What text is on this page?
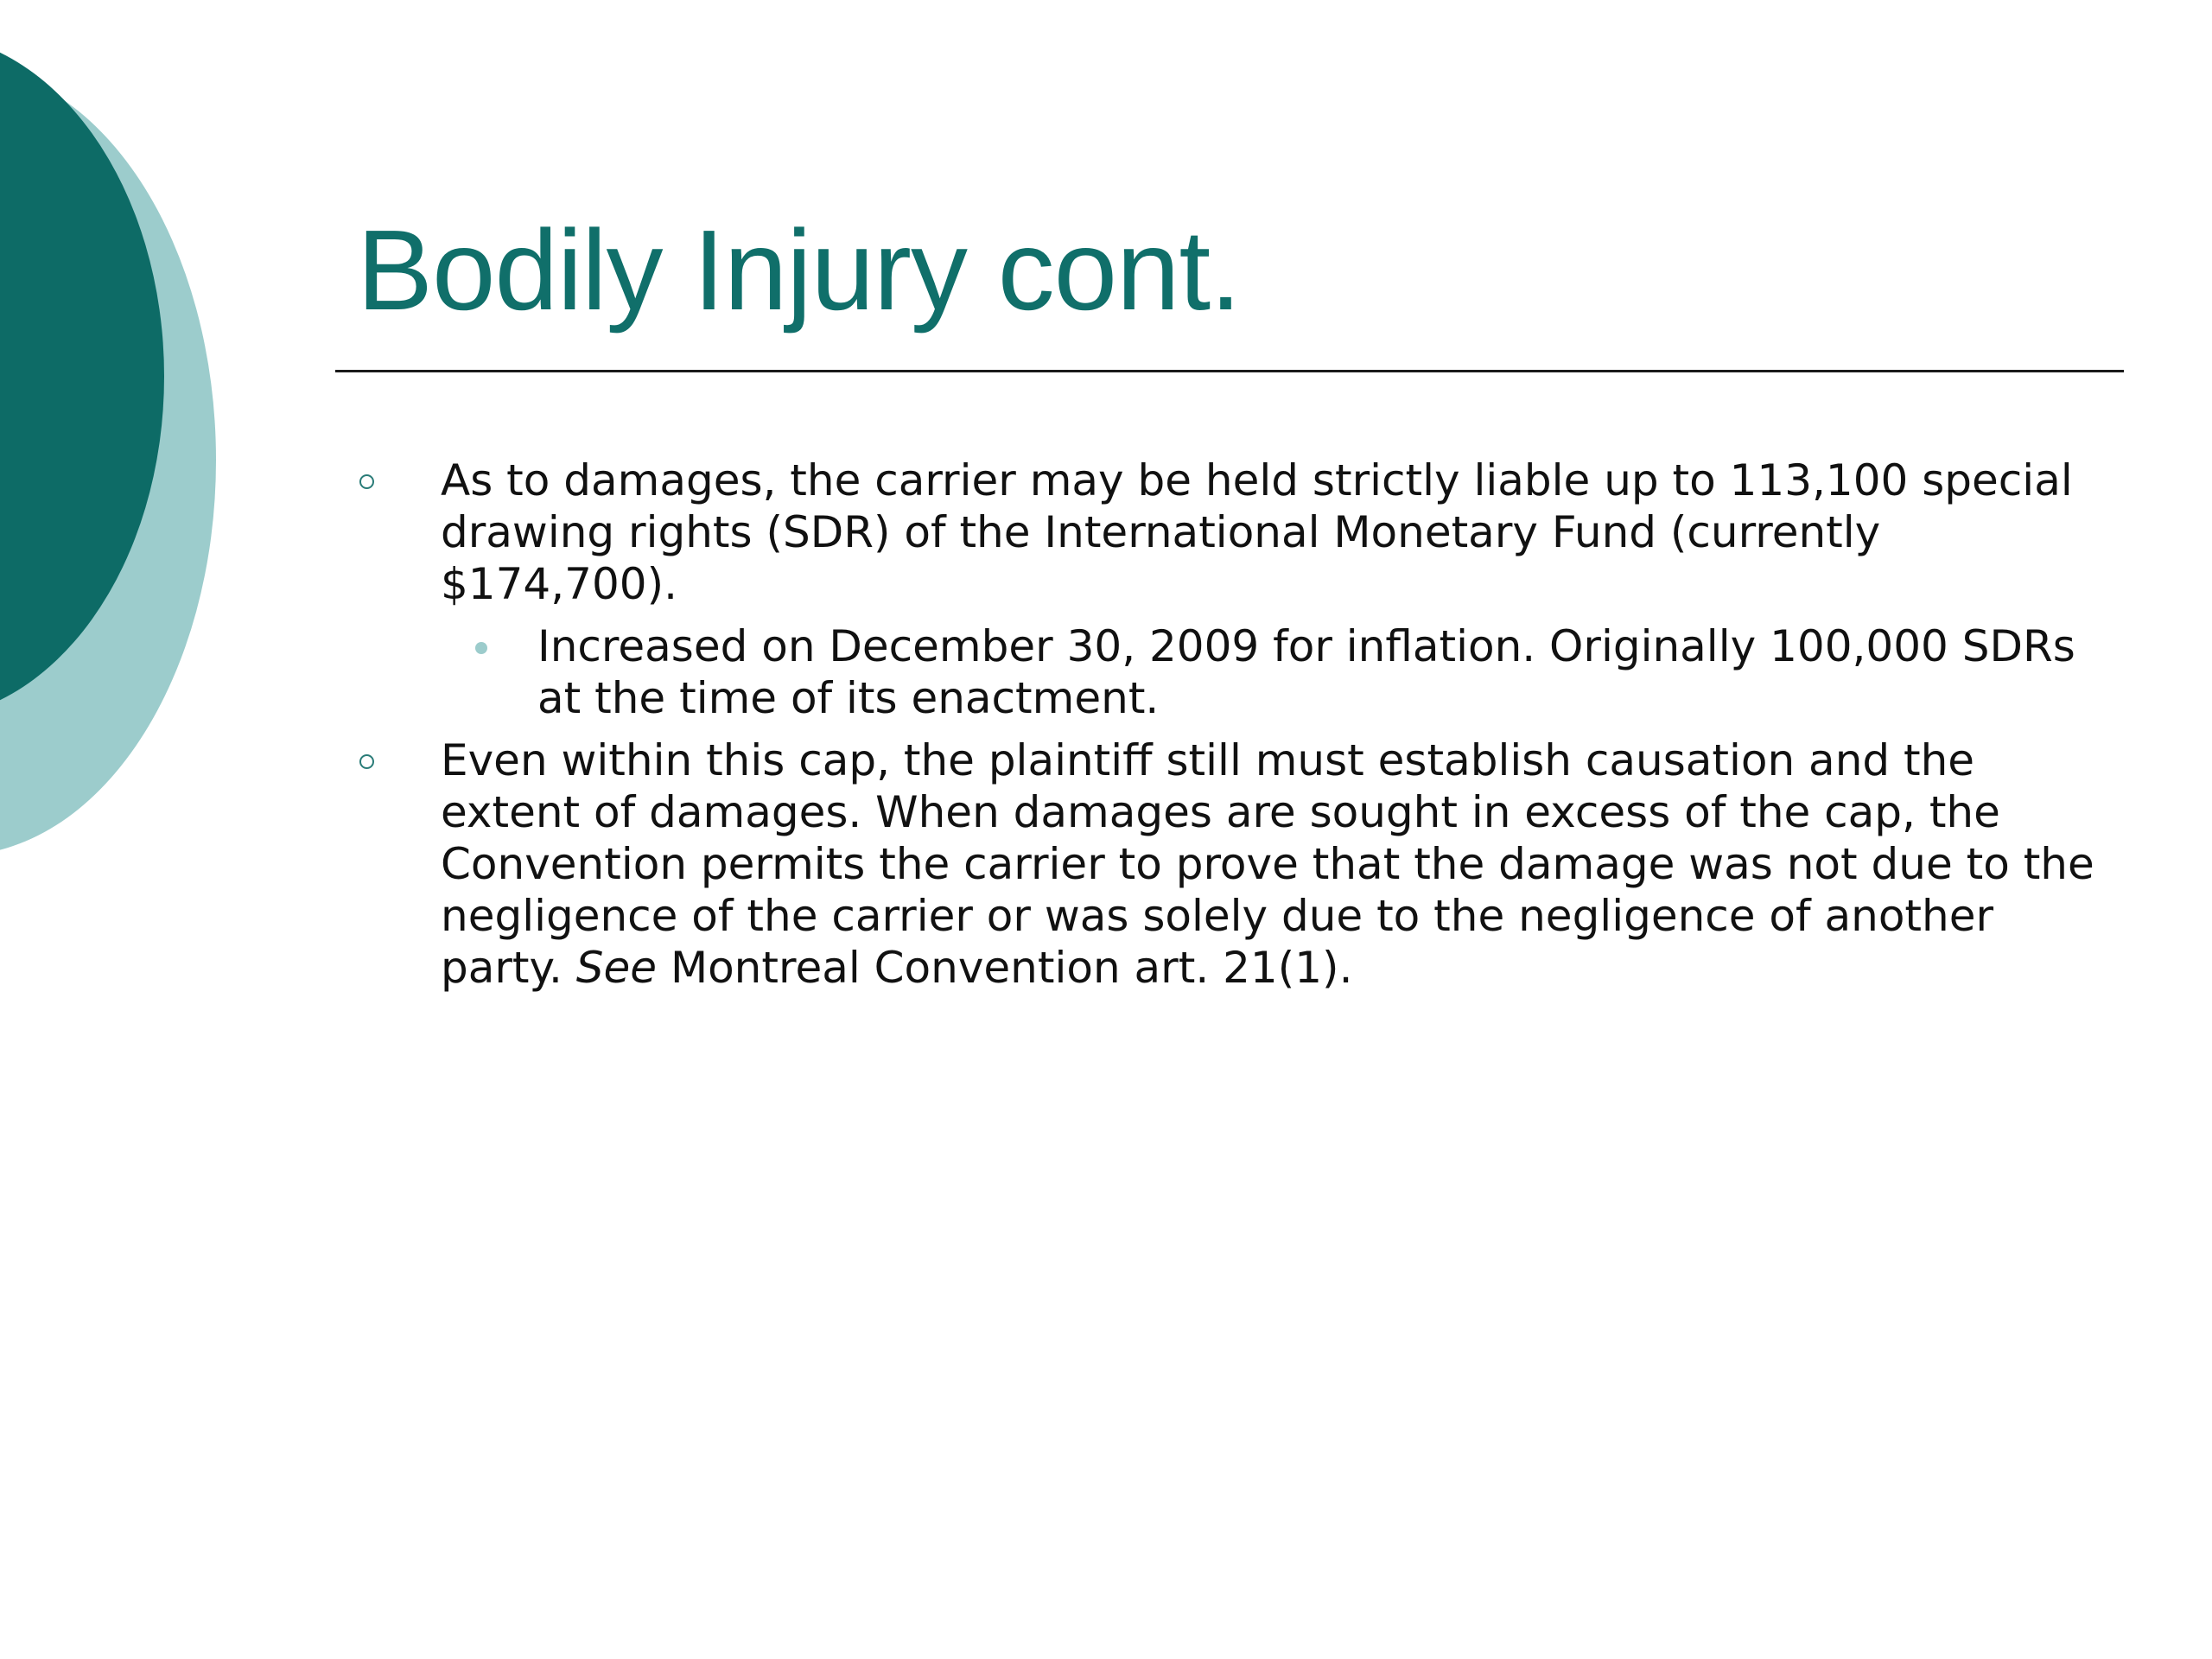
Bodily Injury cont.
As to damages, the carrier may be held strictly liable up to 113,100 special drawing rights (SDR) of the International Monetary Fund (currently $174,700).
Increased on December 30, 2009 for inflation. Originally 100,000 SDRs at the time of its enactment.
Even within this cap, the plaintiff still must establish causation and the extent of damages. When damages are sought in excess of the cap, the Convention permits the carrier to prove that the damage was not due to the negligence of the carrier or was solely due to the negligence of another party. See Montreal Convention art. 21(1).
